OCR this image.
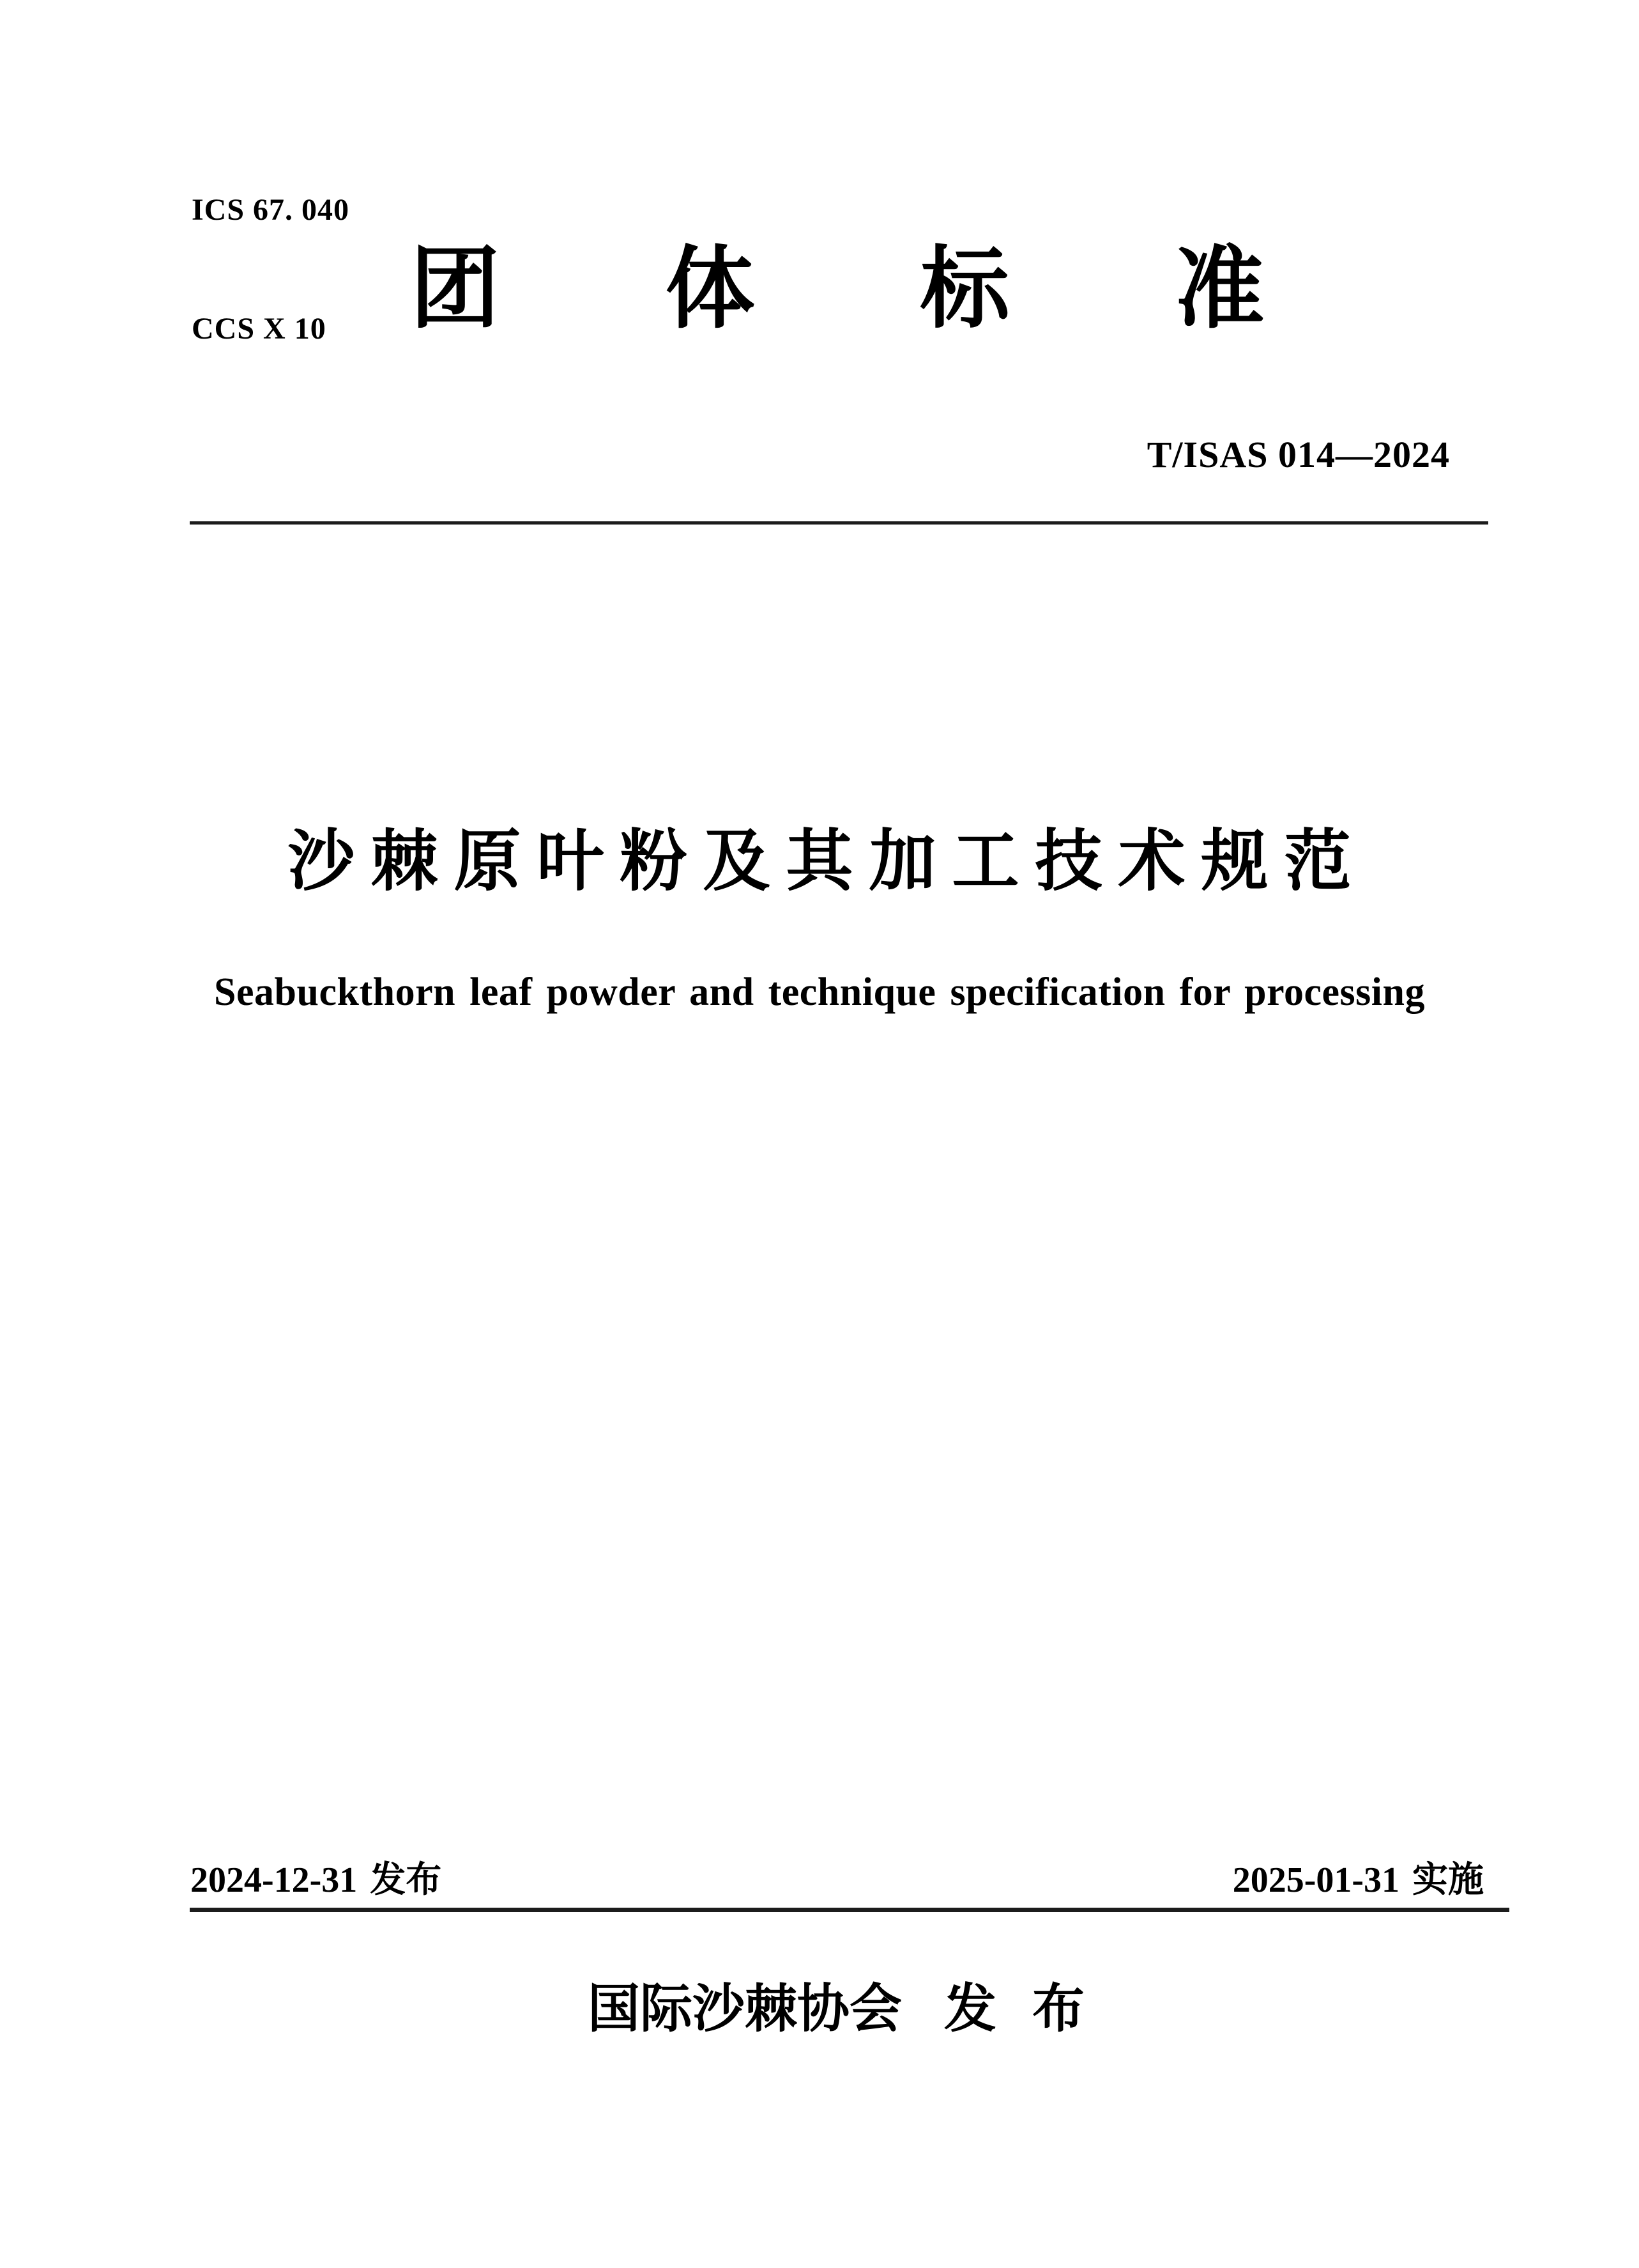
ICS 67. 040

CCS X 10

团 体 标 准
T/ISAS 014—2024
沙棘原叶粉及其加工技术规范
Seabuckthorn leaf powder and technique specification for processing
2024-12-31 发布	2025-01-31 实施
国际沙棘协会 发 布
